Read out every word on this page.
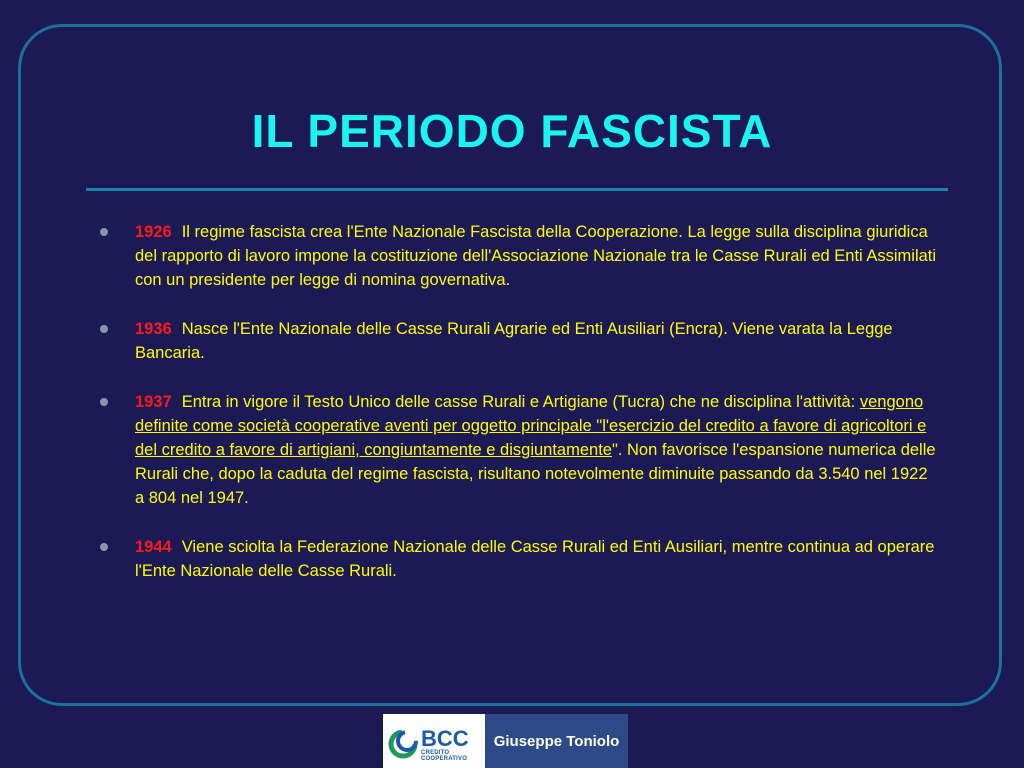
IL PERIODO FASCISTA
1926 Il regime fascista crea l'Ente Nazionale Fascista della Cooperazione. La legge sulla disciplina giuridica del rapporto di lavoro impone la costituzione dell'Associazione Nazionale tra le Casse Rurali ed Enti Assimilati con un presidente per legge di nomina governativa.
1936 Nasce l'Ente Nazionale delle Casse Rurali Agrarie ed Enti Ausiliari (Encra). Viene varata la Legge Bancaria.
1937 Entra in vigore il Testo Unico delle casse Rurali e Artigiane (Tucra) che ne disciplina l'attività: vengono definite come società cooperative aventi per oggetto principale "l'esercizio del credito a favore di agricoltori e del credito a favore di artigiani, congiuntamente e disgiuntamente". Non favorisce l'espansione numerica delle Rurali che, dopo la caduta del regime fascista, risultano notevolmente diminuite passando da 3.540 nel 1922 a 804 nel 1947.
1944 Viene sciolta la Federazione Nazionale delle Casse Rurali ed Enti Ausiliari, mentre continua ad operare l'Ente Nazionale delle Casse Rurali.
BCC
CREDITO COOPERATIVO
Giuseppe Toniolo
